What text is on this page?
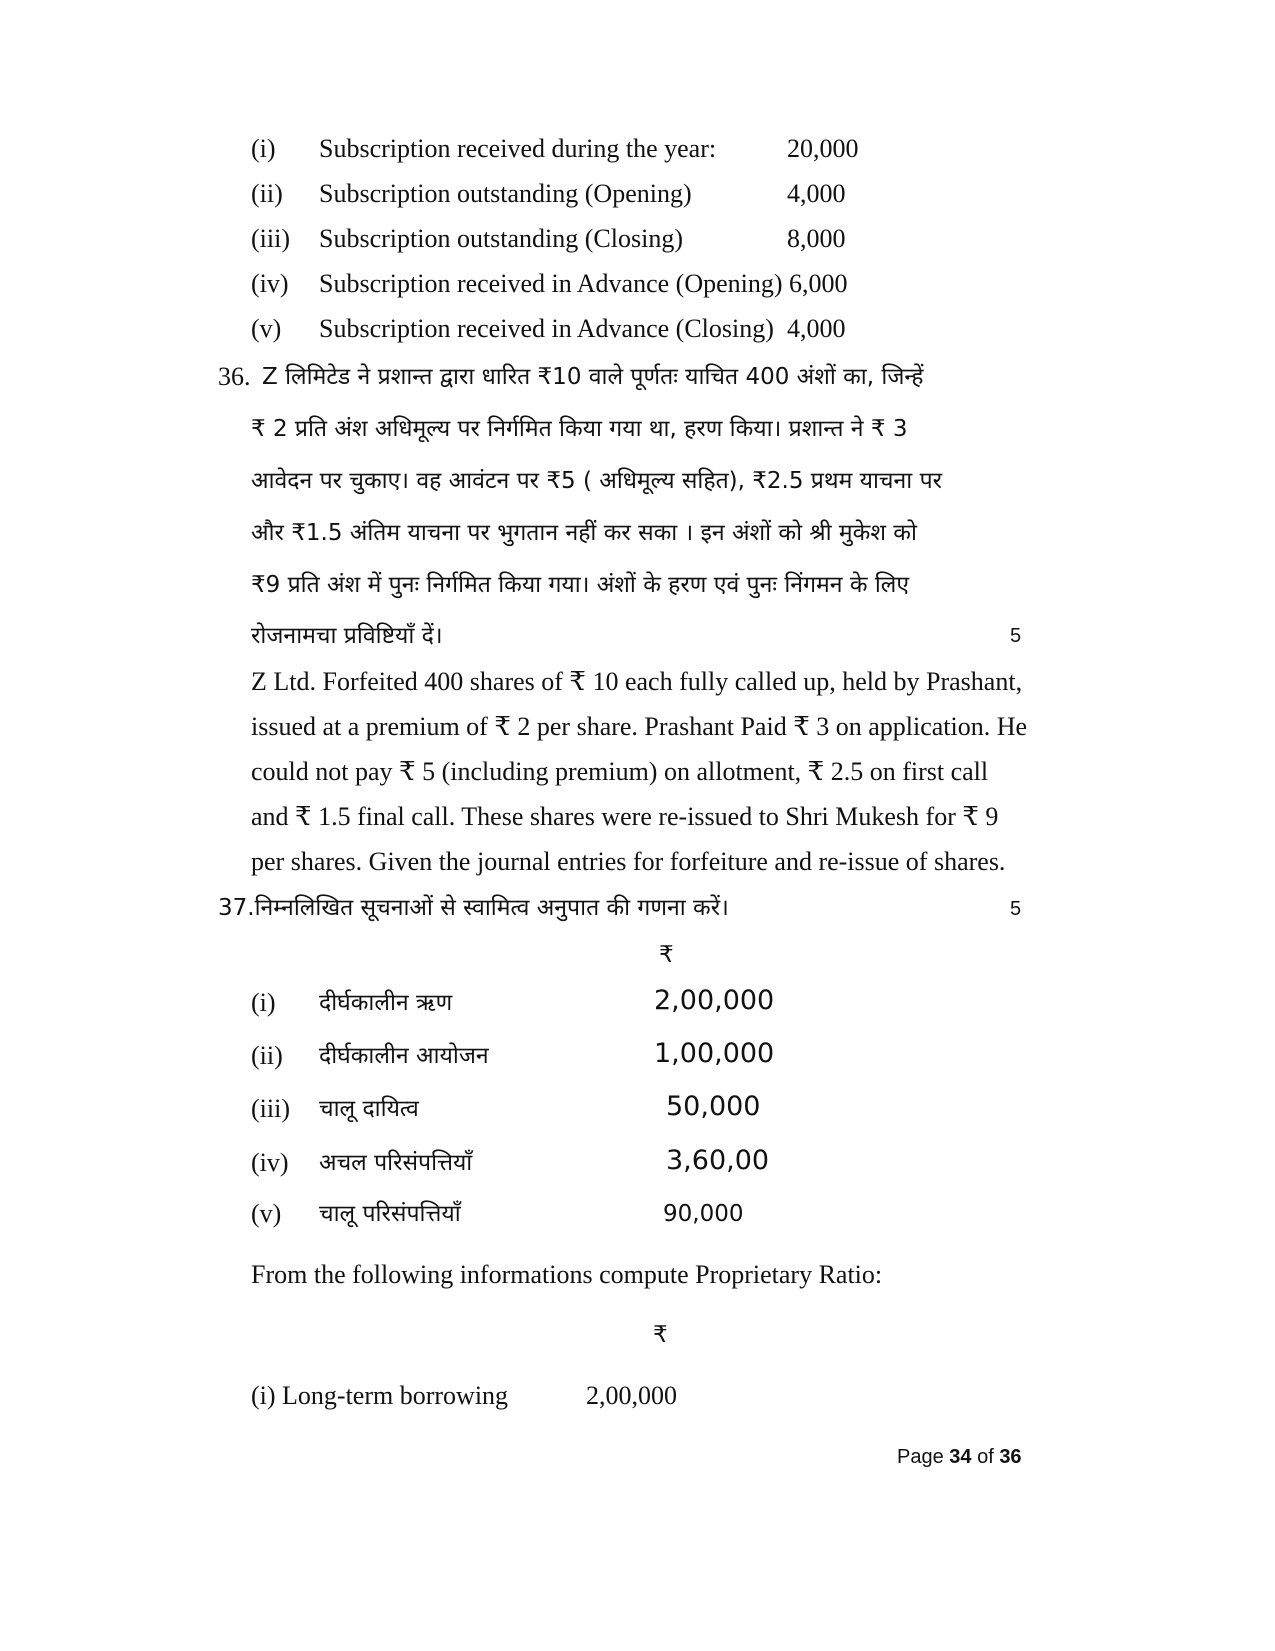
(i) Subscription received during the year:	20,000
(ii) Subscription outstanding (Opening)	4,000
(iii) Subscription outstanding (Closing)	8,000
(iv) Subscription received in Advance (Opening) 6,000
(v) Subscription received in Advance (Closing) 4,000
36. Z लिमिटेड ने प्रशान्त द्वारा धारित ₹10 वाले पूर्णतः याचित 400 अंशों का, जिन्हें
₹ 2 प्रति अंश अधिमूल्य पर निर्गमित किया गया था, हरण किया। प्रशान्त ने ₹ 3
आवेदन पर चुकाए। वह आवंटन पर ₹5 ( अधिमूल्य सहित), ₹2.5 प्रथम याचना पर
और ₹1.5 अंतिम याचना पर भुगतान नहीं कर सका । इन अंशों को श्री मुकेश को
₹9 प्रति अंश में पुनः निर्गमित किया गया। अंशों के हरण एवं पुनः निंगमन के लिए
रोजनामचा प्रविष्टियाँ दें।	5
Z Ltd. Forfeited 400 shares of ₹ 10 each fully called up, held by Prashant,
issued at a premium of ₹ 2 per share. Prashant Paid ₹ 3 on application. He
could not pay ₹ 5 (including premium) on allotment, ₹ 2.5 on first call
and ₹ 1.5 final call. These shares were re-issued to Shri Mukesh for ₹ 9
per shares. Given the journal entries for forfeiture and re-issue of shares.
37.निम्नलिखित सूचनाओं से स्वामित्व अनुपात की गणना करें।	5
₹
(i) दीर्घकालीन ऋण	2,00,000
(ii) दीर्घकालीन आयोजन	1,00,000
(iii) चालू दायित्व	50,000
(iv) अचल परिसंपत्तियाँ	3,60,00
(v) चालू परिसंपत्तियाँ	90,000
From the following informations compute Proprietary Ratio:
₹
(i) Long-term borrowing	2,00,000
Page 34 of 36
